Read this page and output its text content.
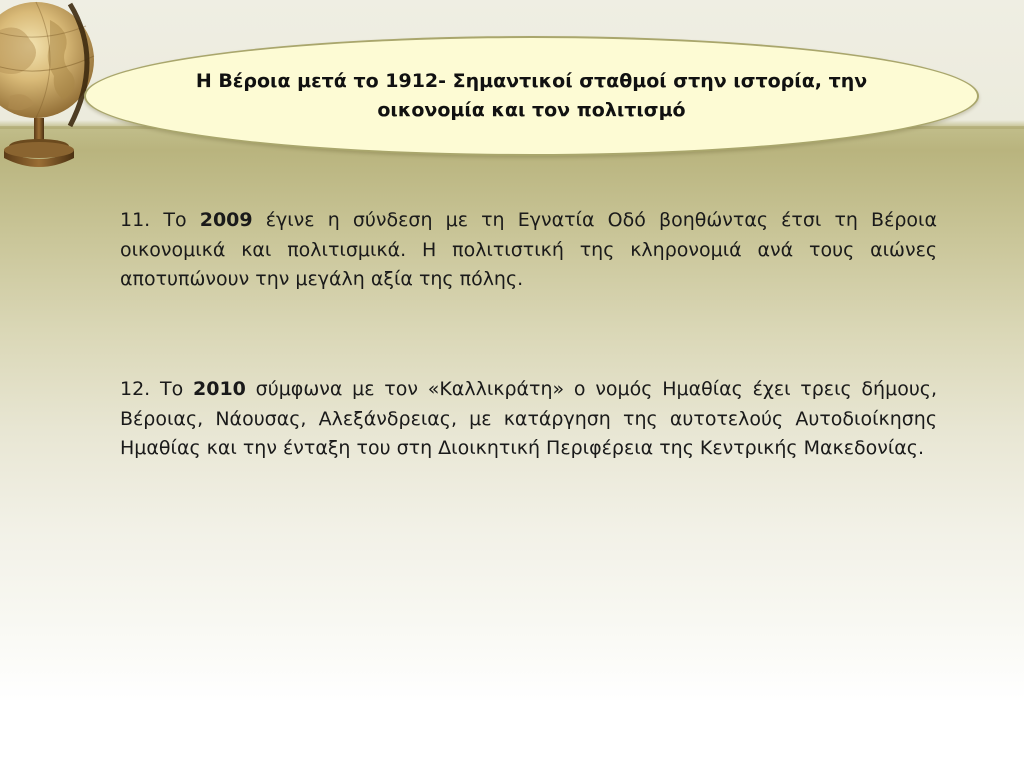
Η Βέροια μετά το 1912- Σημαντικοί σταθμοί στην ιστορία, την οικονομία και τον πολιτισμό

11. Το 2009 έγινε η σύνδεση με τη Εγνατία Οδό βοηθώντας έτσι τη Βέροια οικονομικά και πολιτισμικά. Η πολιτιστική της κληρονομιά ανά τους αιώνες αποτυπώνουν την μεγάλη αξία της πόλης.

12. Το 2010 σύμφωνα με τον «Καλλικράτη» ο νομός Ημαθίας έχει τρεις δήμους, Βέροιας, Νάουσας, Αλεξάνδρειας, με κατάργηση της αυτοτελούς Αυτοδιοίκησης Ημαθίας και την ένταξη του στη Διοικητική Περιφέρεια της Κεντρικής Μακεδονίας.
